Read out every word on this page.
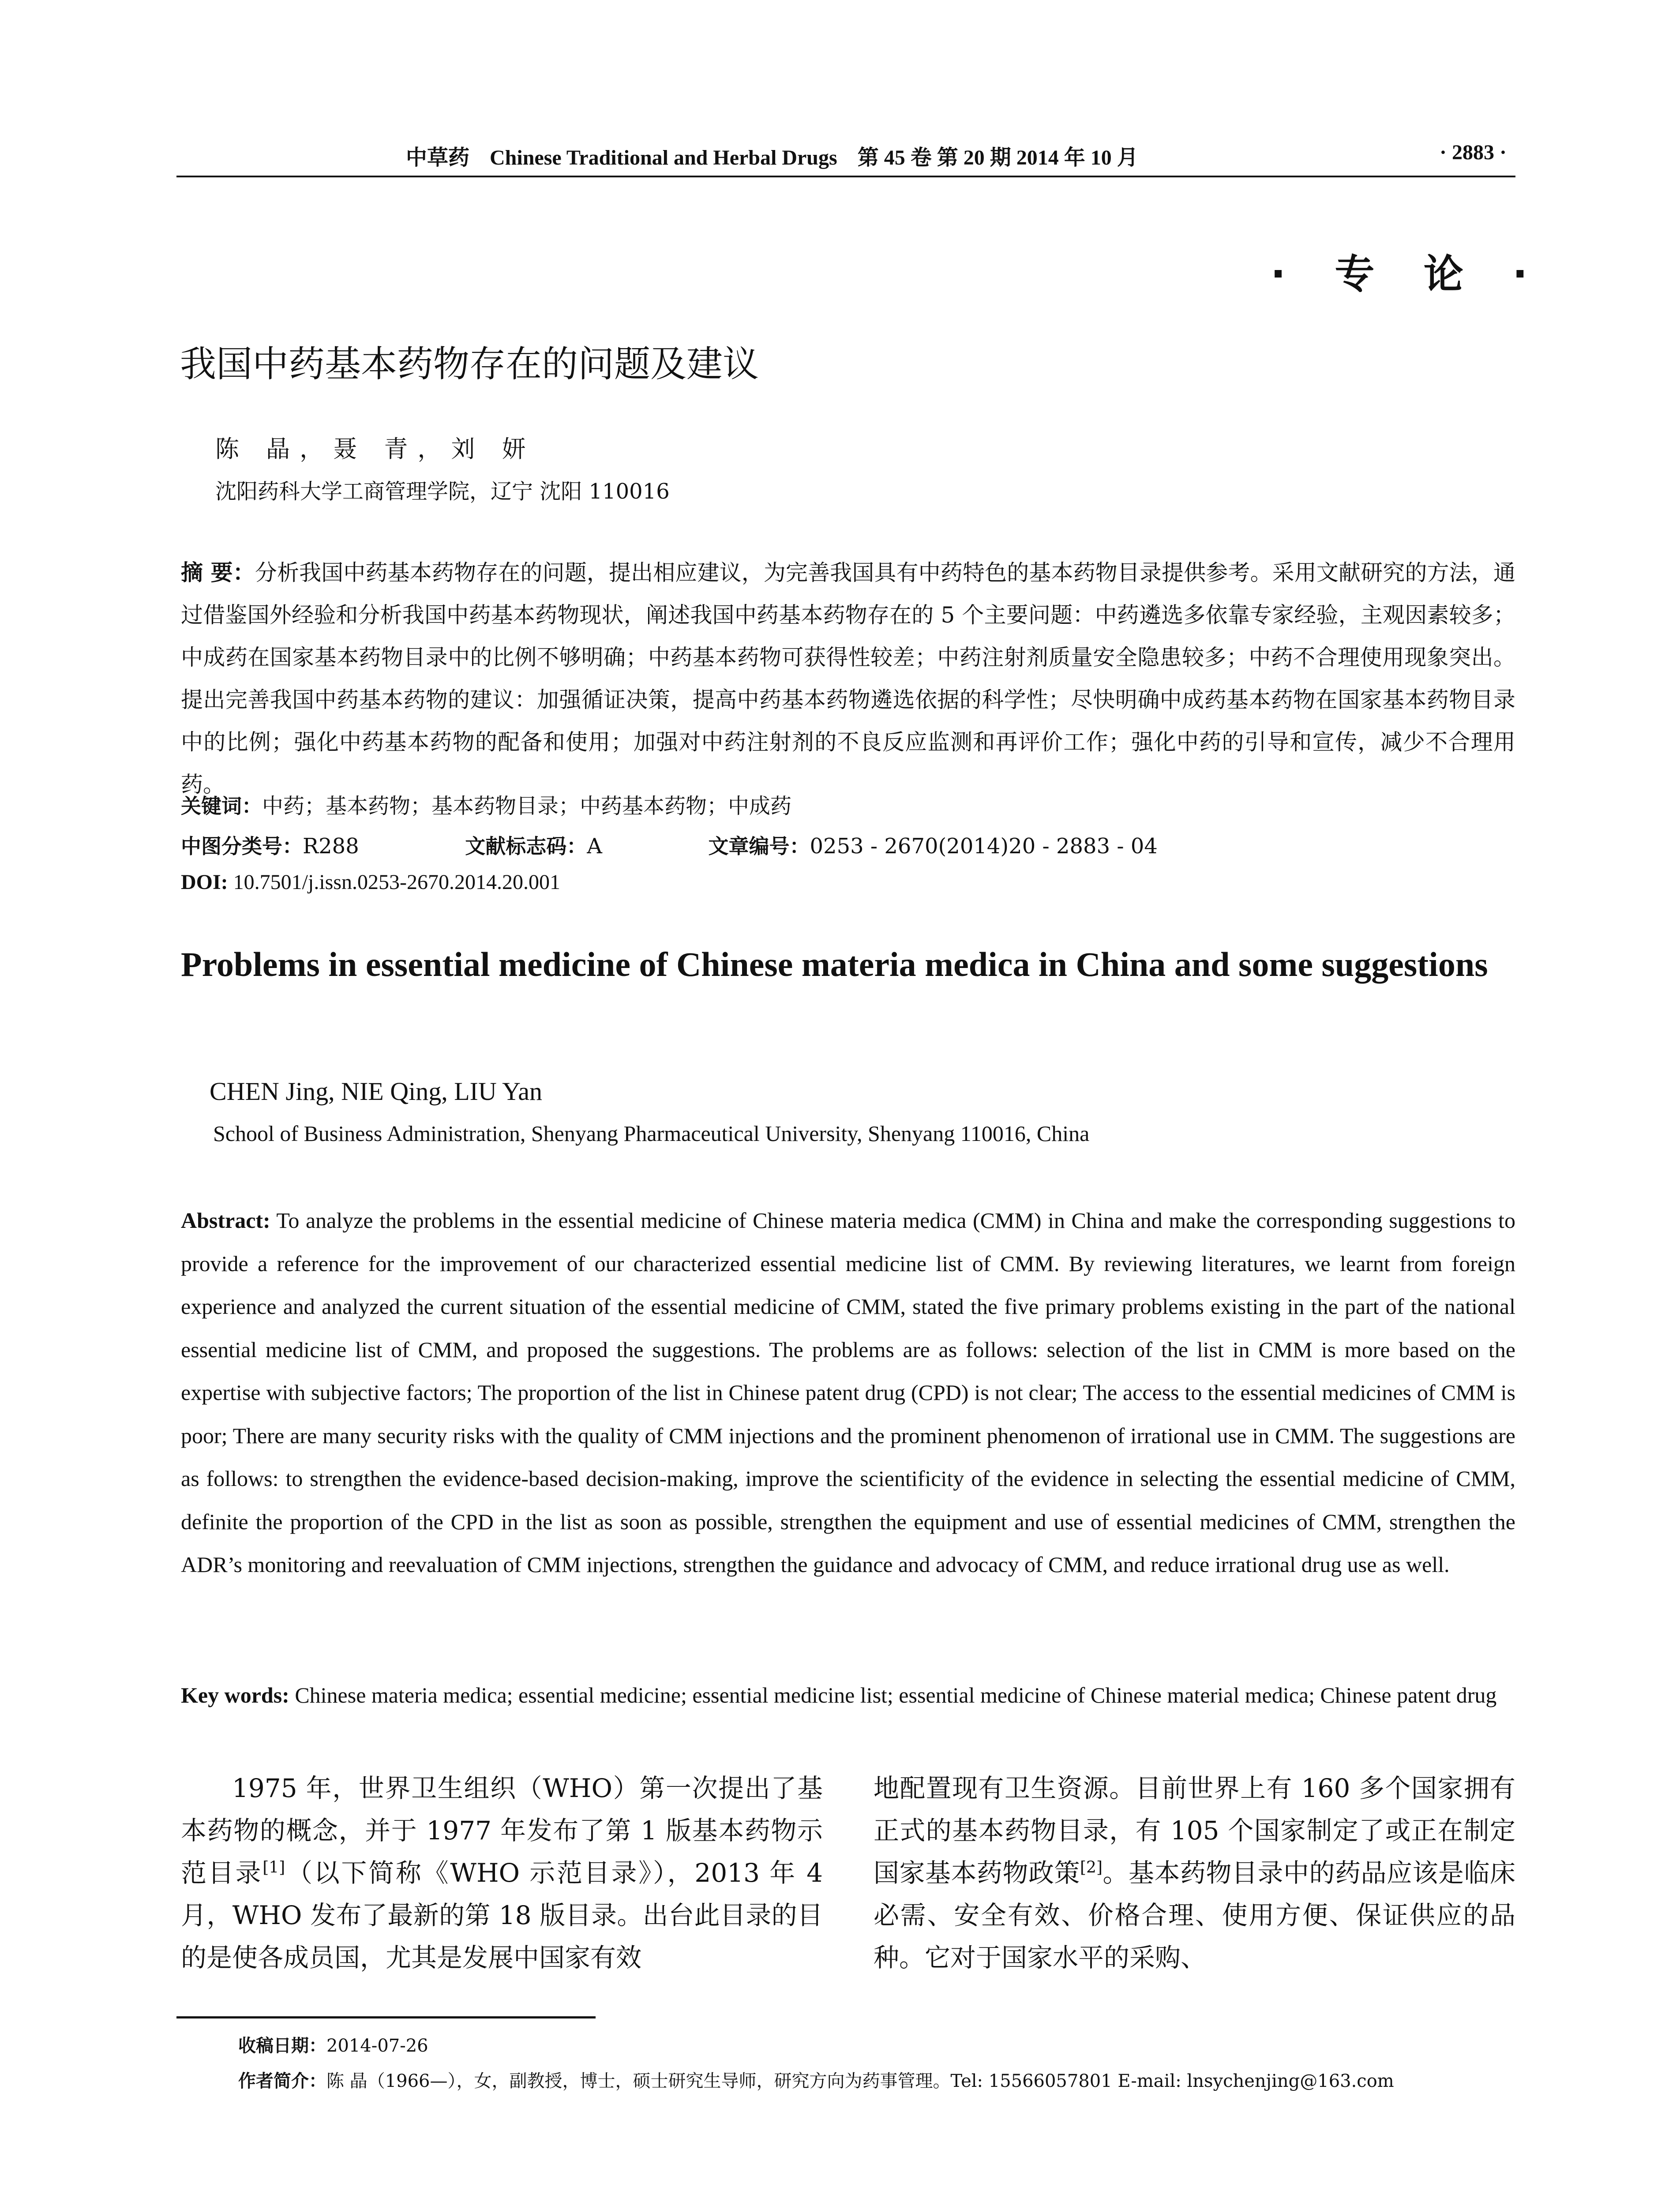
中草药 Chinese Traditional and Herbal Drugs 第 45 卷 第 20 期 2014 年 10 月	· 2883 ·
· 专 论 ·
我国中药基本药物存在的问题及建议
陈 晶，聂 青，刘 妍
沈阳药科大学工商管理学院，辽宁 沈阳 110016
摘 要：分析我国中药基本药物存在的问题，提出相应建议，为完善我国具有中药特色的基本药物目录提供参考。采用文献研究的方法，通过借鉴国外经验和分析我国中药基本药物现状，阐述我国中药基本药物存在的 5 个主要问题：中药遴选多依靠专家经验，主观因素较多；中成药在国家基本药物目录中的比例不够明确；中药基本药物可获得性较差；中药注射剂质量安全隐患较多；中药不合理使用现象突出。提出完善我国中药基本药物的建议：加强循证决策，提高中药基本药物遴选依据的科学性；尽快明确中成药基本药物在国家基本药物目录中的比例；强化中药基本药物的配备和使用；加强对中药注射剂的不良反应监测和再评价工作；强化中药的引导和宣传，减少不合理用药。
关键词：中药；基本药物；基本药物目录；中药基本药物；中成药
中图分类号：R288	文献标志码：A	文章编号：0253 - 2670(2014)20 - 2883 - 04
DOI: 10.7501/j.issn.0253-2670.2014.20.001
Problems in essential medicine of Chinese materia medica in China and some suggestions
CHEN Jing, NIE Qing, LIU Yan
School of Business Administration, Shenyang Pharmaceutical University, Shenyang 110016, China
Abstract: To analyze the problems in the essential medicine of Chinese materia medica (CMM) in China and make the corresponding suggestions to provide a reference for the improvement of our characterized essential medicine list of CMM. By reviewing literatures, we learnt from foreign experience and analyzed the current situation of the essential medicine of CMM, stated the five primary problems existing in the part of the national essential medicine list of CMM, and proposed the suggestions. The problems are as follows: selection of the list in CMM is more based on the expertise with subjective factors; The proportion of the list in Chinese patent drug (CPD) is not clear; The access to the essential medicines of CMM is poor; There are many security risks with the quality of CMM injections and the prominent phenomenon of irrational use in CMM. The suggestions are as follows: to strengthen the evidence-based decision-making, improve the scientificity of the evidence in selecting the essential medicine of CMM, definite the proportion of the CPD in the list as soon as possible, strengthen the equipment and use of essential medicines of CMM, strengthen the ADR’s monitoring and reevaluation of CMM injections, strengthen the guidance and advocacy of CMM, and reduce irrational drug use as well.
Key words: Chinese materia medica; essential medicine; essential medicine list; essential medicine of Chinese material medica; Chinese patent drug
1975 年，世界卫生组织（WHO）第一次提出了基本药物的概念，并于 1977 年发布了第 1 版基本药物示范目录[1]（以下简称《WHO 示范目录》），2013 年 4 月，WHO 发布了最新的第 18 版目录。出台此目录的目的是使各成员国，尤其是发展中国家有效
地配置现有卫生资源。目前世界上有 160 多个国家拥有正式的基本药物目录，有 105 个国家制定了或正在制定国家基本药物政策[2]。基本药物目录中的药品应该是临床必需、安全有效、价格合理、使用方便、保证供应的品种。它对于国家水平的采购、
收稿日期：2014-07-26
作者简介：陈 晶（1966—），女，副教授，博士，硕士研究生导师，研究方向为药事管理。Tel: 15566057801 E-mail: lnsychenjing@163.com
